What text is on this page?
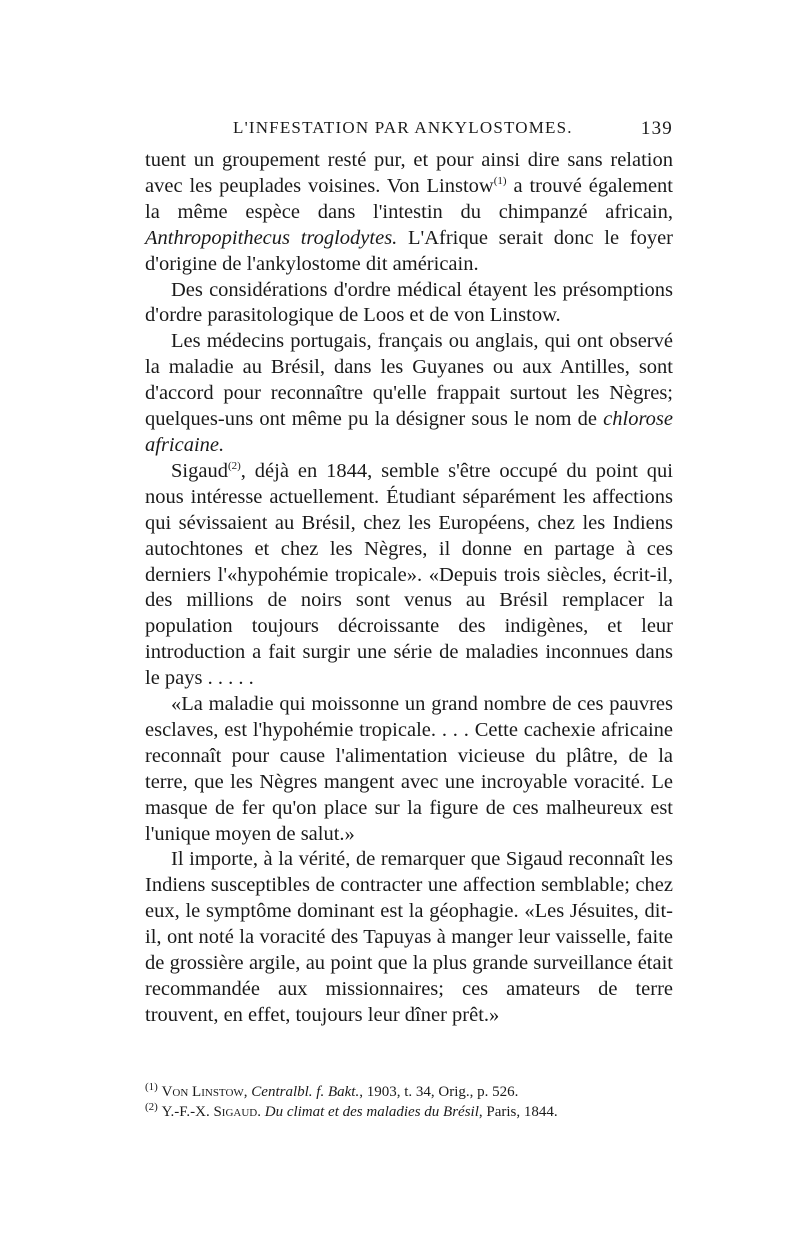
L'INFESTATION PAR ANKYLOSTOMES.	139

tuent un groupement resté pur, et pour ainsi dire sans relation avec les peuplades voisines. Von Linstow$^{(1)}$ a trouvé également la même espèce dans l'intestin du chimpanzé africain, Anthropopithecus troglodytes. L'Afrique serait donc le foyer d'origine de l'ankylostome dit américain.

Des considérations d'ordre médical étayent les présomptions d'ordre parasitologique de Loos et de von Linstow.

Les médecins portugais, français ou anglais, qui ont observé la maladie au Brésil, dans les Guyanes ou aux Antilles, sont d'accord pour reconnaître qu'elle frappait surtout les Nègres; quelques-uns ont même pu la désigner sous le nom de chlorose africaine.

Sigaud$^{(2)}$, déjà en 1844, semble s'être occupé du point qui nous intéresse actuellement. Étudiant séparément les affections qui sévissaient au Brésil, chez les Européens, chez les Indiens autochtones et chez les Nègres, il donne en partage à ces derniers l'«hypohémie tropicale». «Depuis trois siècles, écrit-il, des millions de noirs sont venus au Brésil remplacer la population toujours décroissante des indigènes, et leur introduction a fait surgir une série de maladies inconnues dans le pays . . . . .

«La maladie qui moissonne un grand nombre de ces pauvres esclaves, est l'hypohémie tropicale. . . . Cette cachexie africaine reconnaît pour cause l'alimentation vicieuse du plâtre, de la terre, que les Nègres mangent avec une incroyable voracité. Le masque de fer qu'on place sur la figure de ces malheureux est l'unique moyen de salut.»

Il importe, à la vérité, de remarquer que Sigaud reconnaît les Indiens susceptibles de contracter une affection semblable; chez eux, le symptôme dominant est la géophagie. «Les Jésuites, dit-il, ont noté la voracité des Tapuyas à manger leur vaisselle, faite de grossière argile, au point que la plus grande surveillance était recommandée aux missionnaires; ces amateurs de terre trouvent, en effet, toujours leur dîner prêt.»

$^{(1)}$ Von Linstow, Centralbl. f. Bakt., 1903, t. 34, Orig., p. 526.

$^{(2)}$ Y.-F.-X. Sigaud. Du climat et des maladies du Brésil, Paris, 1844.
